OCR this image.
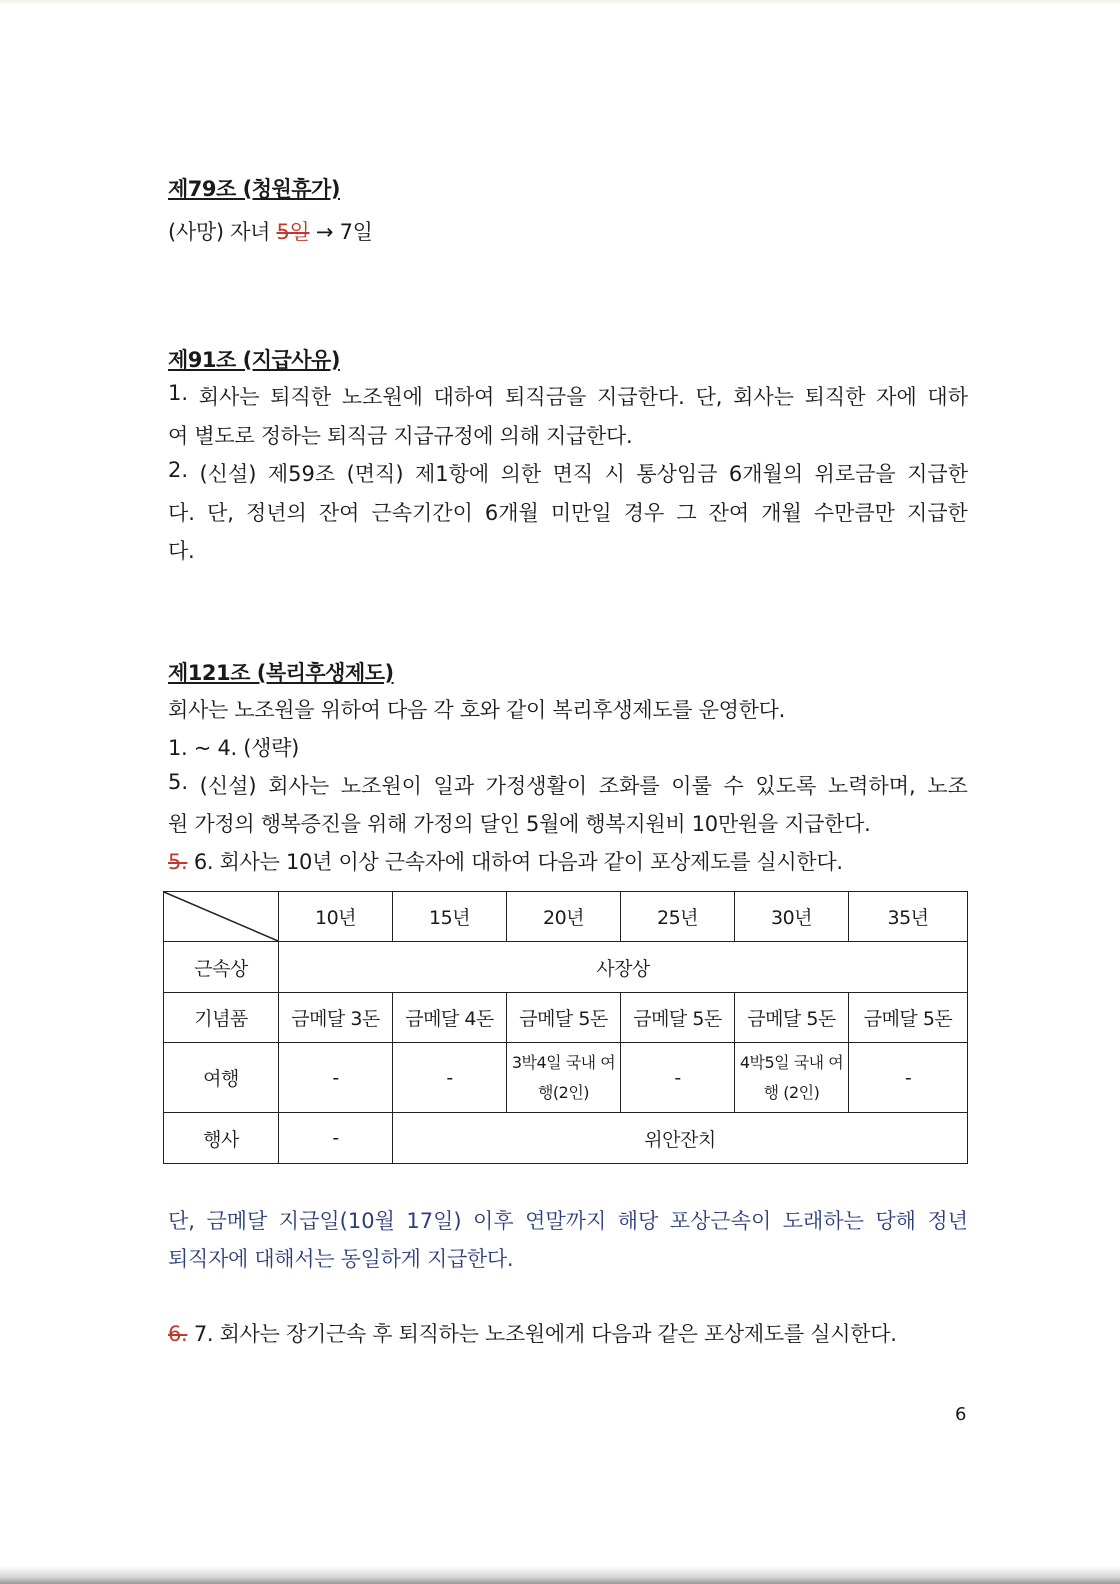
제79조 (청원휴가)
(사망) 자녀 5일 → 7일
제91조 (지급사유)
1. 회사는 퇴직한 노조원에 대하여 퇴직금을 지급한다. 단, 회사는 퇴직한 자에 대하
여 별도로 정하는 퇴직금 지급규정에 의해 지급한다.
2. (신설) 제59조 (면직) 제1항에 의한 면직 시 통상임금 6개월의 위로금을 지급한
다. 단, 정년의 잔여 근속기간이 6개월 미만일 경우 그 잔여 개월 수만큼만 지급한
다.
제121조 (복리후생제도)
회사는 노조원을 위하여 다음 각 호와 같이 복리후생제도를 운영한다.
1. ~ 4. (생략)
5. (신설) 회사는 노조원이 일과 가정생활이 조화를 이룰 수 있도록 노력하며, 노조
원 가정의 행복증진을 위해 가정의 달인 5월에 행복지원비 10만원을 지급한다.
5. 6. 회사는 10년 이상 근속자에 대하여 다음과 같이 포상제도를 실시한다.
	10년	15년	20년	25년	30년	35년
근속상	사장상					
기념품	금메달 3돈	금메달 4돈	금메달 5돈	금메달 5돈	금메달 5돈	금메달 5돈
여행	-	-	3박4일 국내 여행(2인)	-	4박5일 국내 여행 (2인)	-
행사	-	위안잔치				
단, 금메달 지급일(10월 17일) 이후 연말까지 해당 포상근속이 도래하는 당해 정년
퇴직자에 대해서는 동일하게 지급한다.
6. 7. 회사는 장기근속 후 퇴직하는 노조원에게 다음과 같은 포상제도를 실시한다.
6
